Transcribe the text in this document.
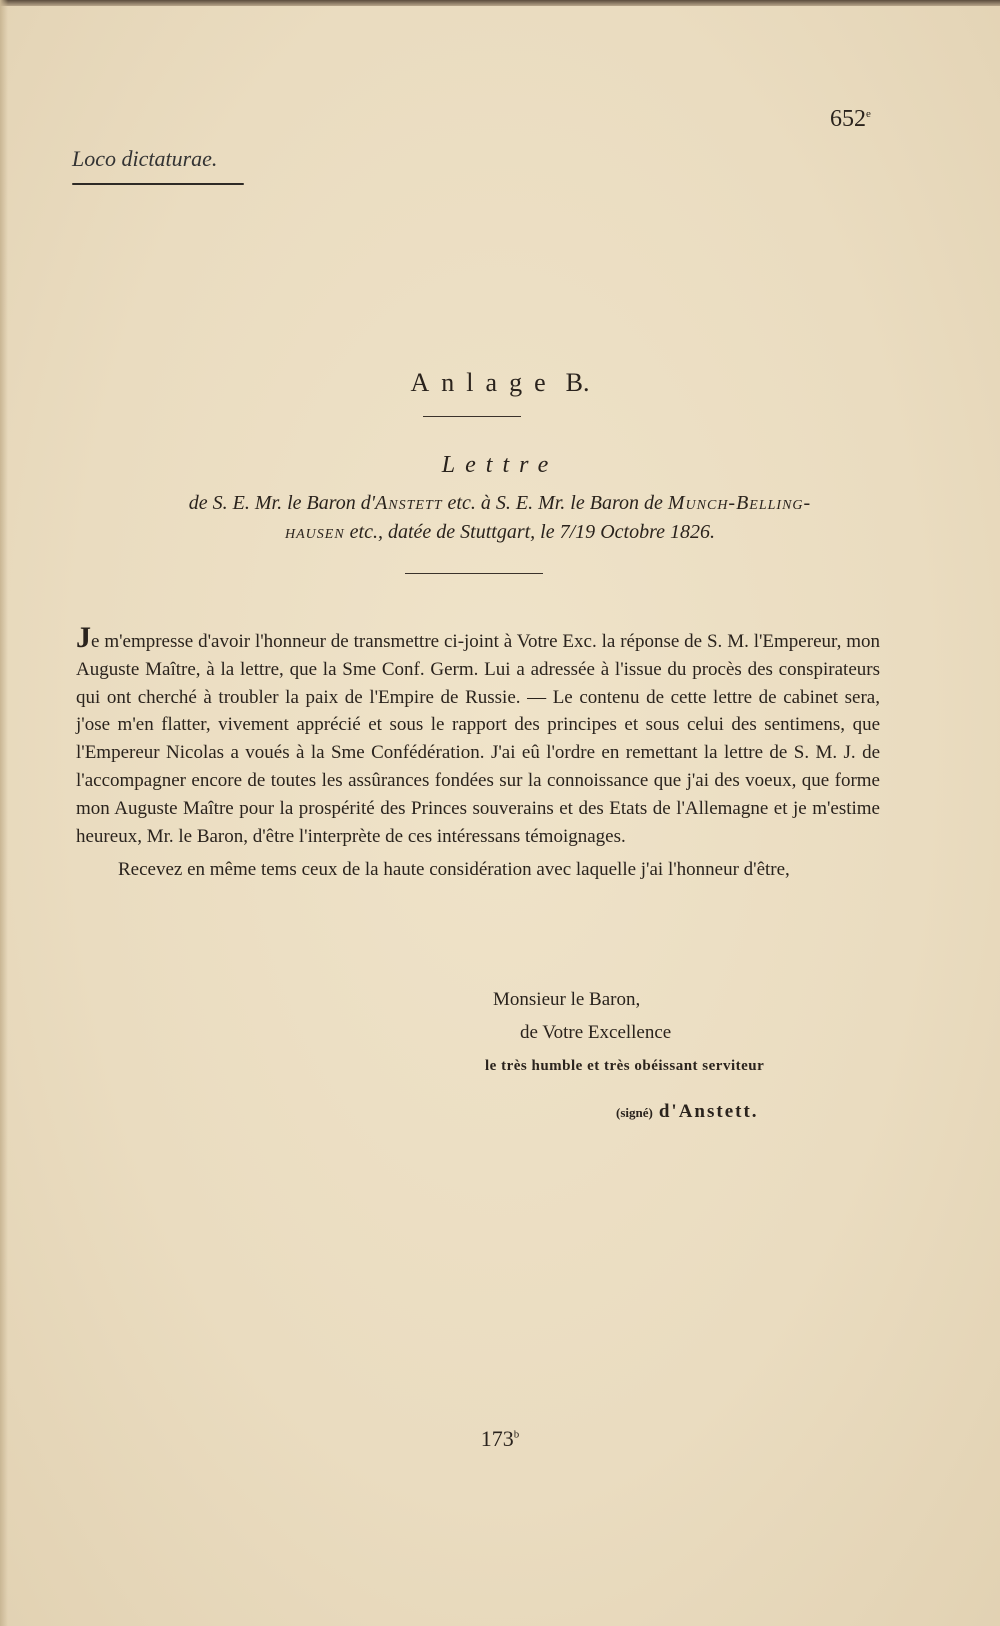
652e
Loco dictaturae.
Anlage B.
Lettre
de S. E. Mr. le Baron d'Anstett etc. à S. E. Mr. le Baron de Munch-Belling-
hausen etc., datée de Stuttgart, le 7/19 Octobre 1826.

Je m'empresse d'avoir l'honneur de transmettre ci-joint à Votre Exc. la réponse de S. M. l'Empereur, mon Auguste Maître, à la lettre, que la Sme Conf. Germ. Lui a adressée à l'issue du procès des conspirateurs qui ont cherché à troubler la paix de l'Empire de Russie. — Le contenu de cette lettre de cabinet sera, j'ose m'en flatter, vivement apprécié et sous le rapport des principes et sous celui des sentimens, que l'Empereur Nicolas a voués à la Sme Confédération. J'ai eû l'ordre en remettant la lettre de S. M. J. de l'accompagner encore de toutes les assûrances fondées sur la connoissance que j'ai des voeux, que forme mon Auguste Maître pour la prospérité des Princes souverains et des Etats de l'Allemagne et je m'estime heureux, Mr. le Baron, d'être l'interprète de ces intéressans témoignages.

Recevez en même tems ceux de la haute considération avec laquelle j'ai l'honneur d'être,

Monsieur le Baron,
de Votre Excellence
le très humble et très obéissant serviteur
(signé) d'Anstett.
173$^b$
